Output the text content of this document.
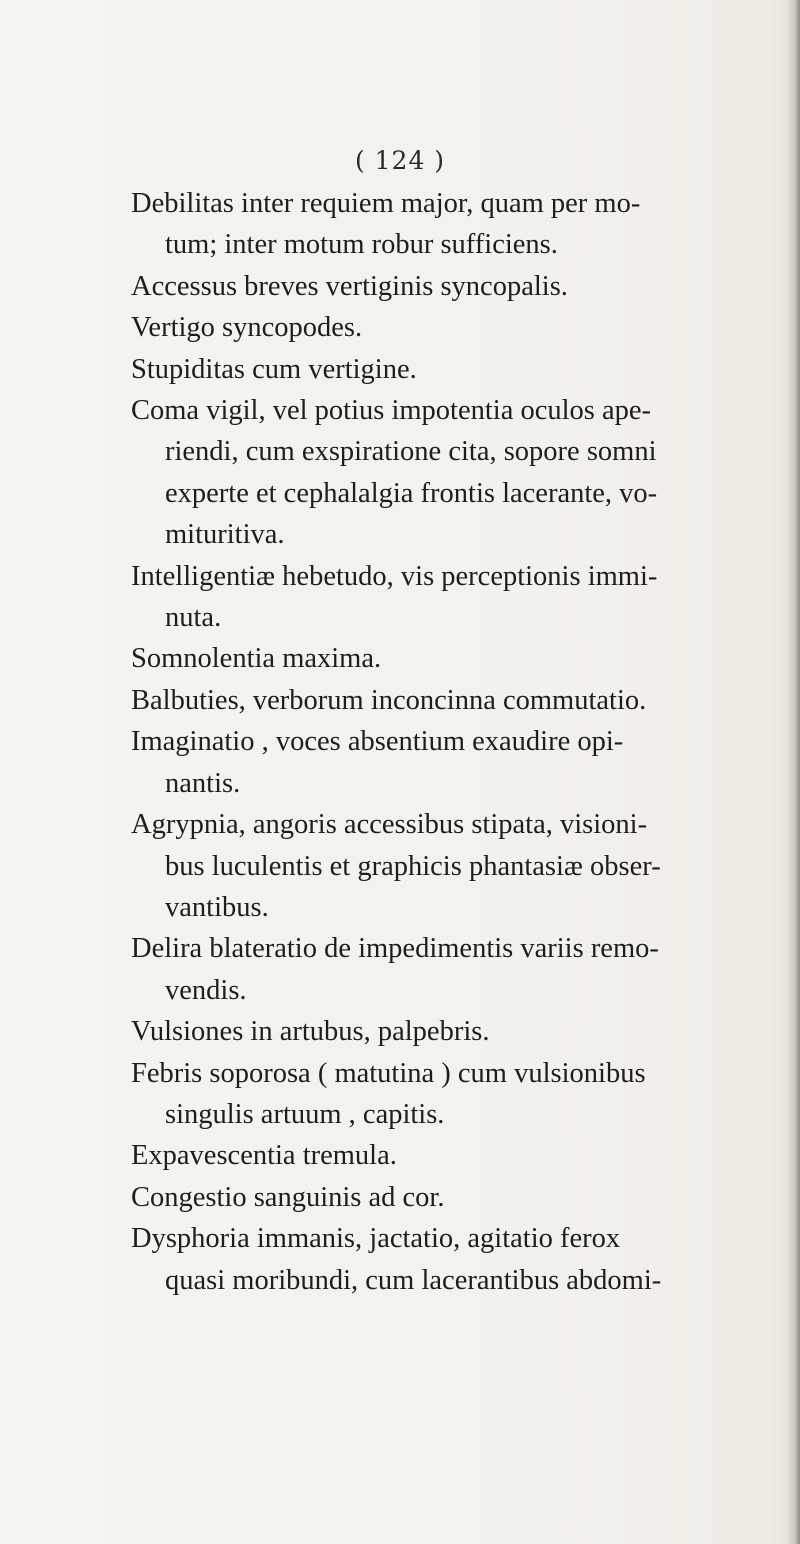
( 124 )
Debilitas inter requiem major, quam per mo-
tum; inter motum robur sufficiens.
Accessus breves vertiginis syncopalis.
Vertigo syncopodes.
Stupiditas cum vertigine.
Coma vigil, vel potius impotentia oculos ape-
riendi, cum exspiratione cita, sopore somni
experte et cephalalgia frontis lacerante, vo-
mituritiva.
Intelligentiæ hebetudo, vis perceptionis immi-
nuta.
Somnolentia maxima.
Balbuties, verborum inconcinna commutatio.
Imaginatio , voces absentium exaudire opi-
nantis.
Agrypnia, angoris accessibus stipata, visioni-
bus luculentis et graphicis phantasiæ obser-
vantibus.
Delira blateratio de impedimentis variis remo-
vendis.
Vulsiones in artubus, palpebris.
Febris soporosa ( matutina ) cum vulsionibus
singulis artuum , capitis.
Expavescentia tremula.
Congestio sanguinis ad cor.
Dysphoria immanis, jactatio, agitatio ferox
quasi moribundi, cum lacerantibus abdomi-
